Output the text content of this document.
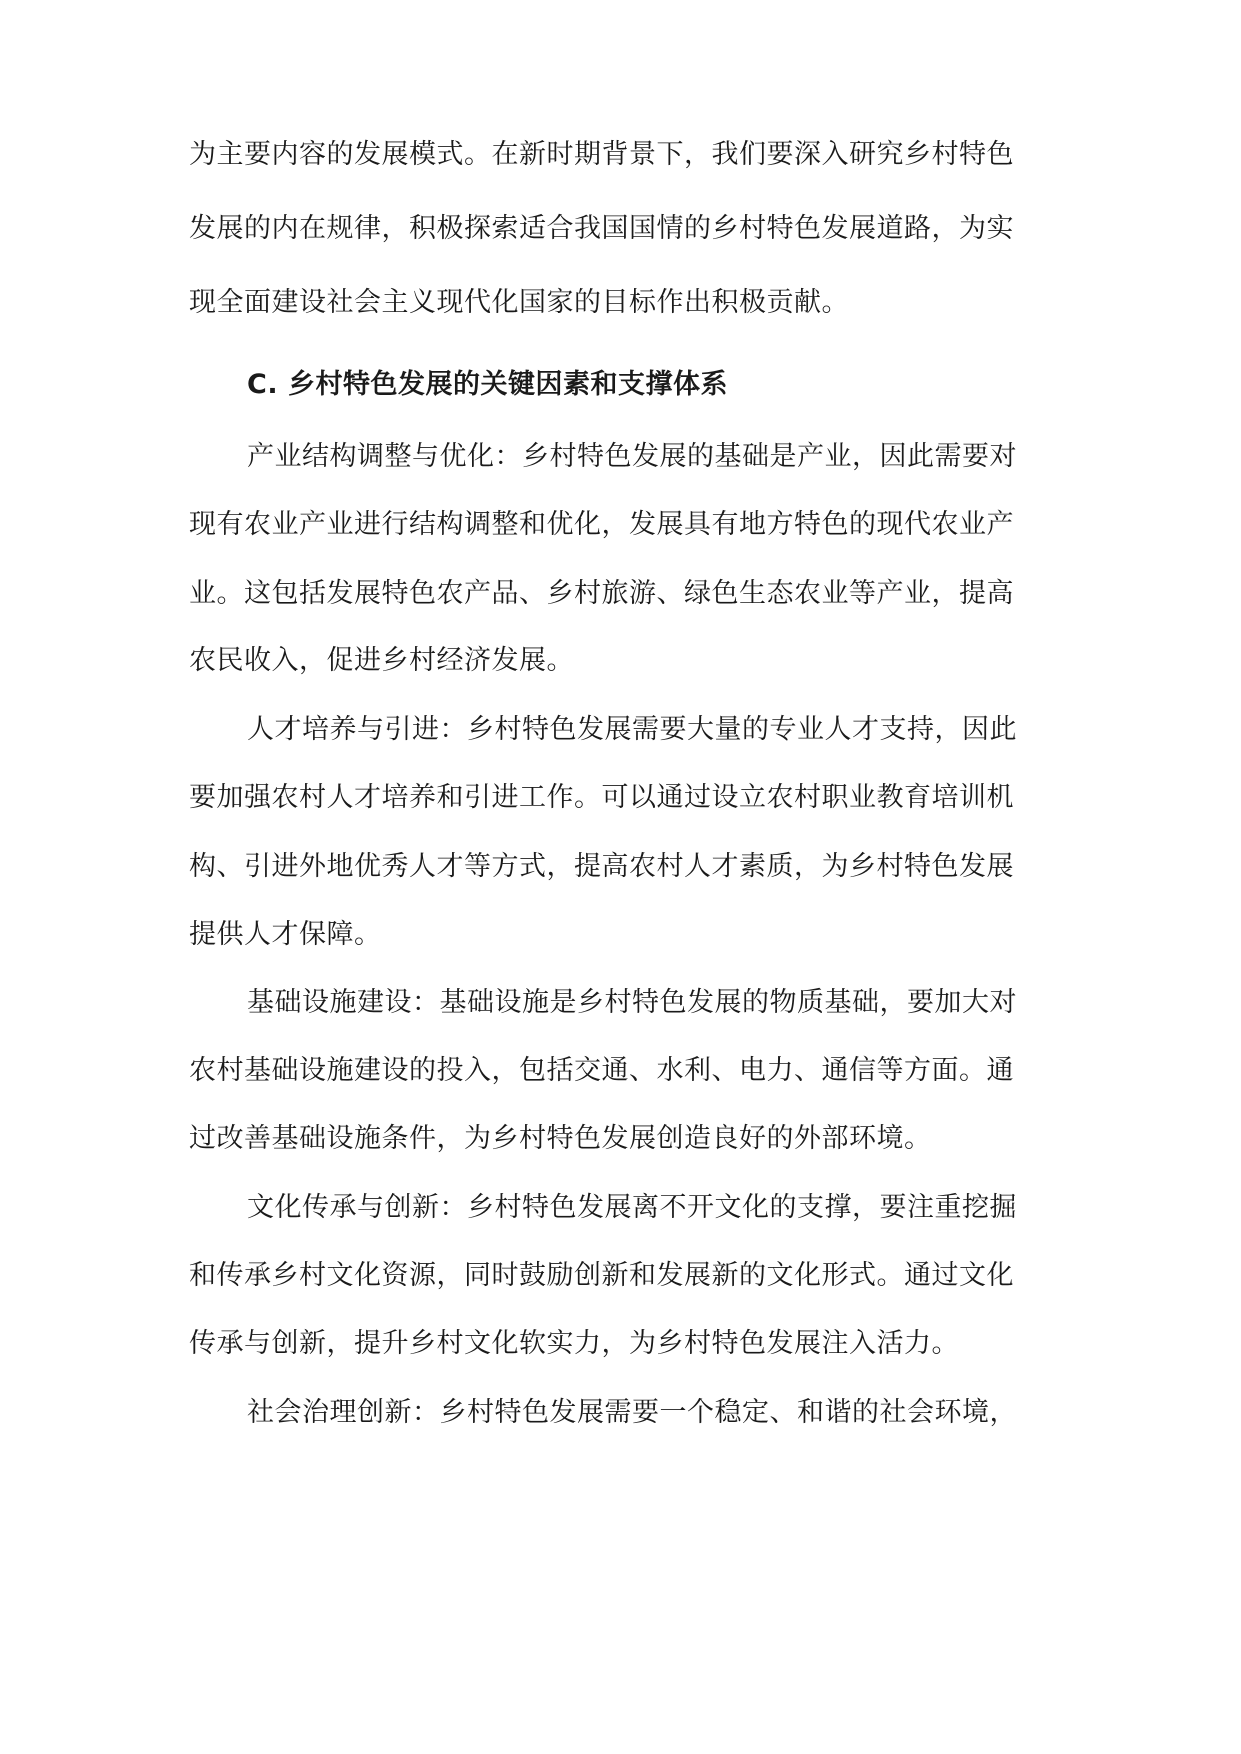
为主要内容的发展模式。在新时期背景下，我们要深入研究乡村特色
发展的内在规律，积极探索适合我国国情的乡村特色发展道路，为实
现全面建设社会主义现代化国家的目标作出积极贡献。
C. 乡村特色发展的关键因素和支撑体系
产业结构调整与优化：乡村特色发展的基础是产业，因此需要对
现有农业产业进行结构调整和优化，发展具有地方特色的现代农业产
业。这包括发展特色农产品、乡村旅游、绿色生态农业等产业，提高
农民收入，促进乡村经济发展。
人才培养与引进：乡村特色发展需要大量的专业人才支持，因此
要加强农村人才培养和引进工作。可以通过设立农村职业教育培训机
构、引进外地优秀人才等方式，提高农村人才素质，为乡村特色发展
提供人才保障。
基础设施建设：基础设施是乡村特色发展的物质基础，要加大对
农村基础设施建设的投入，包括交通、水利、电力、通信等方面。通
过改善基础设施条件，为乡村特色发展创造良好的外部环境。
文化传承与创新：乡村特色发展离不开文化的支撑，要注重挖掘
和传承乡村文化资源，同时鼓励创新和发展新的文化形式。通过文化
传承与创新，提升乡村文化软实力，为乡村特色发展注入活力。
社会治理创新：乡村特色发展需要一个稳定、和谐的社会环境，
